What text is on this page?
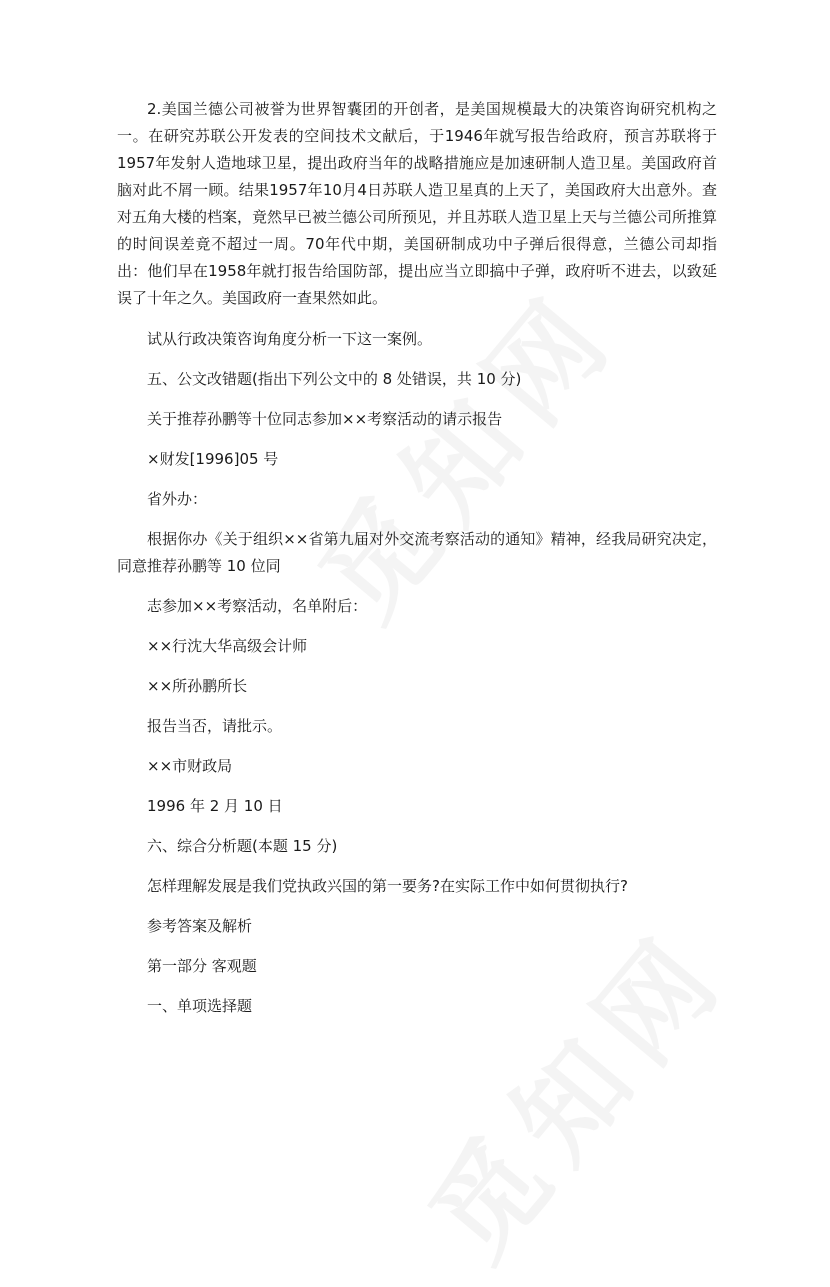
2.美国兰德公司被誉为世界智囊团的开创者，是美国规模最大的决策咨询研究机构之一。在研究苏联公开发表的空间技术文献后，于1946年就写报告给政府，预言苏联将于1957年发射人造地球卫星，提出政府当年的战略措施应是加速研制人造卫星。美国政府首脑对此不屑一顾。结果1957年10月4日苏联人造卫星真的上天了，美国政府大出意外。查对五角大楼的档案，竟然早已被兰德公司所预见，并且苏联人造卫星上天与兰德公司所推算的时间误差竟不超过一周。70年代中期，美国研制成功中子弹后很得意，兰德公司却指出：他们早在1958年就打报告给国防部，提出应当立即搞中子弹，政府听不进去，以致延误了十年之久。美国政府一查果然如此。

试从行政决策咨询角度分析一下这一案例。

五、公文改错题(指出下列公文中的 8 处错误，共 10 分)

关于推荐孙鹏等十位同志参加××考察活动的请示报告

×财发[1996]05 号

省外办：

根据你办《关于组织××省第九届对外交流考察活动的通知》精神，经我局研究决定，同意推荐孙鹏等 10 位同

志参加××考察活动，名单附后：

××行沈大华高级会计师

××所孙鹏所长

报告当否，请批示。

××市财政局

1996 年 2 月 10 日

六、综合分析题(本题 15 分)

怎样理解发展是我们党执政兴国的第一要务?在实际工作中如何贯彻执行?

参考答案及解析

第一部分 客观题

一、单项选择题
